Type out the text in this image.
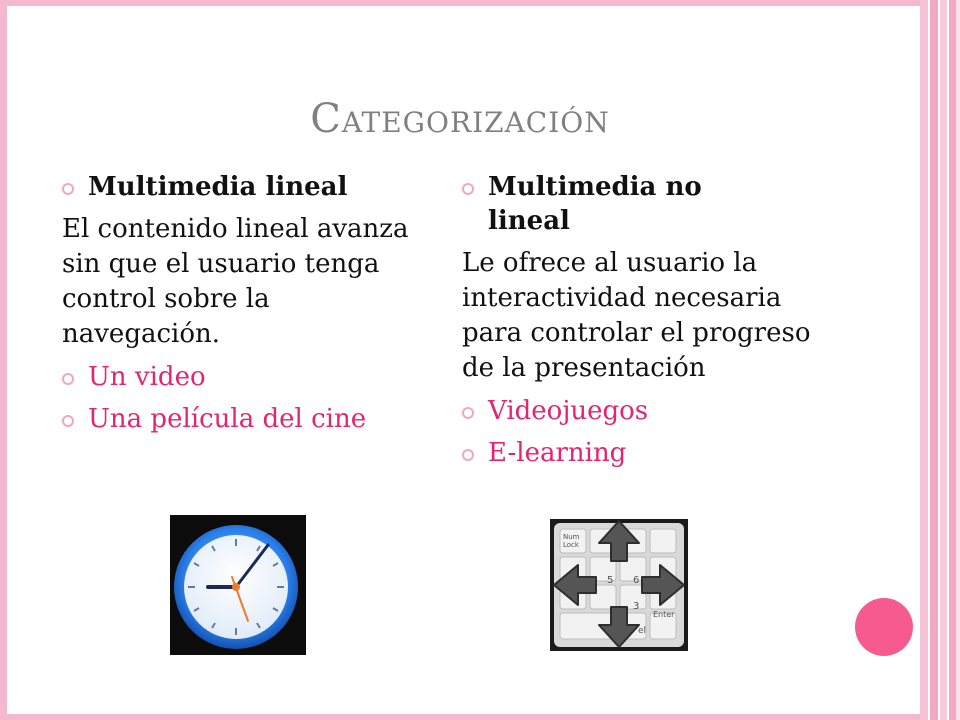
Categorización
Multimedia lineal
El contenido lineal avanza sin que el usuario tenga control sobre la navegación.
Un video
Una película del cine
Multimedia no
lineal
Le ofrece al usuario la interactividad necesaria para controlar el progreso de la presentación
Videojuegos
E-learning
Num
Lock
5 6
3
Enter
el
